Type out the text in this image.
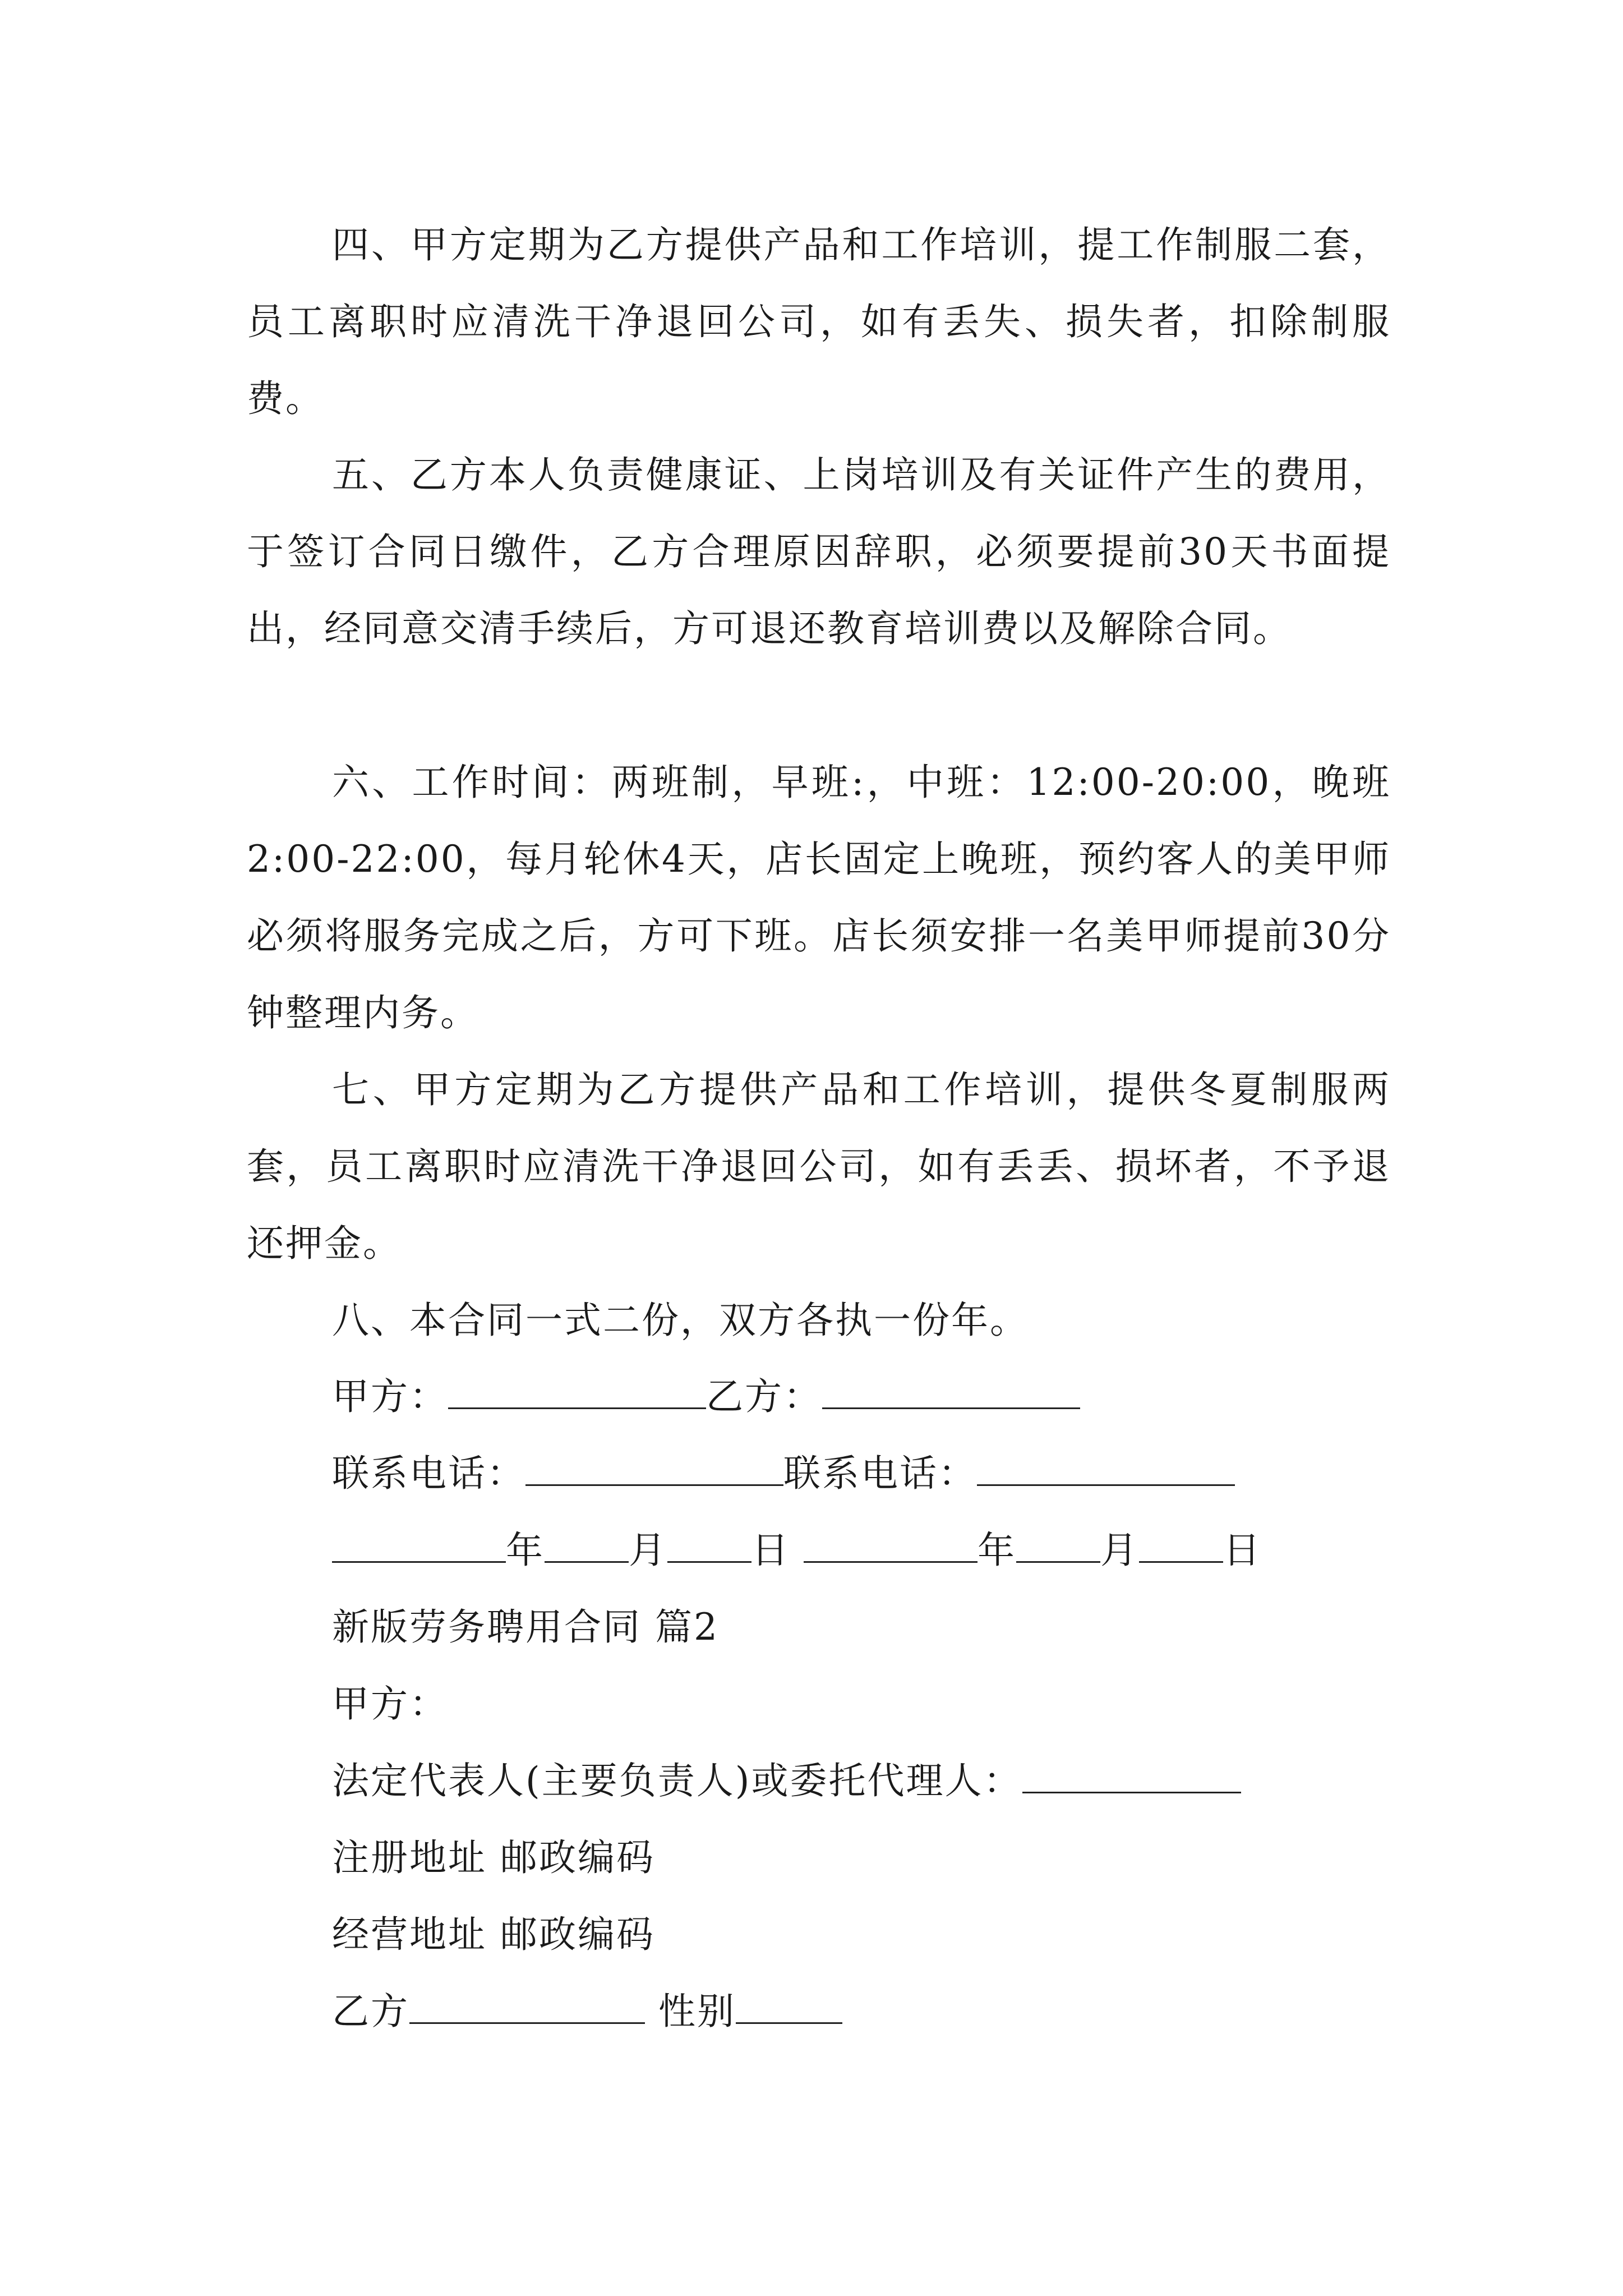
四、甲方定期为乙方提供产品和工作培训，提工作制服二套，员工离职时应清洗干净退回公司，如有丢失、损失者，扣除制服费。

五、乙方本人负责健康证、上岗培训及有关证件产生的费用，于签订合同日缴件，乙方合理原因辞职，必须要提前30天书面提出，经同意交清手续后，方可退还教育培训费以及解除合同。

六、工作时间：两班制，早班:，中班：12:00-20:00，晚班2:00-22:00，每月轮休4天，店长固定上晚班，预约客人的美甲师必须将服务完成之后，方可下班。店长须安排一名美甲师提前30分钟整理内务。

七、甲方定期为乙方提供产品和工作培训，提供冬夏制服两套，员工离职时应清洗干净退回公司，如有丢丢、损坏者，不予退还押金。

八、本合同一式二份，双方各执一份年。

甲方：	乙方：
联系电话：	联系电话：
年 月 日	年 月 日

新版劳务聘用合同 篇2

甲方：

法定代表人(主要负责人)或委托代理人：

注册地址 邮政编码

经营地址 邮政编码

乙方	性别
